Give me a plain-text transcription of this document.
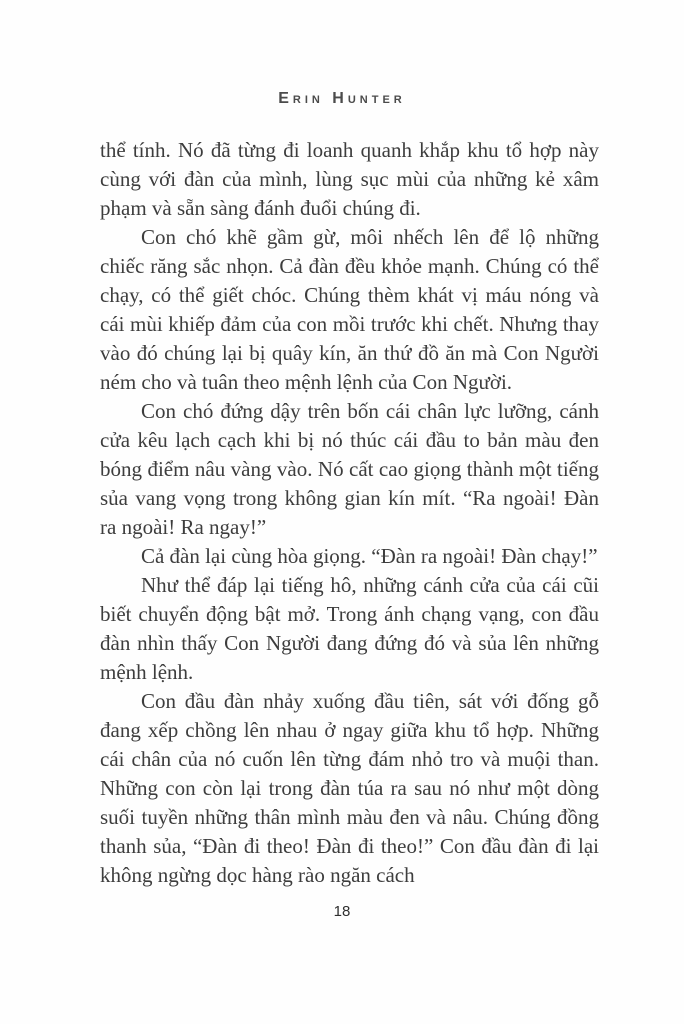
Erin Hunter

thể tính. Nó đã từng đi loanh quanh khắp khu tổ hợp này cùng với đàn của mình, lùng sục mùi của những kẻ xâm phạm và sẵn sàng đánh đuổi chúng đi.

Con chó khẽ gầm gừ, môi nhếch lên để lộ những chiếc răng sắc nhọn. Cả đàn đều khỏe mạnh. Chúng có thể chạy, có thể giết chóc. Chúng thèm khát vị máu nóng và cái mùi khiếp đảm của con mồi trước khi chết. Nhưng thay vào đó chúng lại bị quây kín, ăn thứ đồ ăn mà Con Người ném cho và tuân theo mệnh lệnh của Con Người.

Con chó đứng dậy trên bốn cái chân lực lưỡng, cánh cửa kêu lạch cạch khi bị nó thúc cái đầu to bản màu đen bóng điểm nâu vàng vào. Nó cất cao giọng thành một tiếng sủa vang vọng trong không gian kín mít. “Ra ngoài! Đàn ra ngoài! Ra ngay!”

Cả đàn lại cùng hòa giọng. “Đàn ra ngoài! Đàn chạy!”

Như thể đáp lại tiếng hô, những cánh cửa của cái cũi biết chuyển động bật mở. Trong ánh chạng vạng, con đầu đàn nhìn thấy Con Người đang đứng đó và sủa lên những mệnh lệnh.

Con đầu đàn nhảy xuống đầu tiên, sát với đống gỗ đang xếp chồng lên nhau ở ngay giữa khu tổ hợp. Những cái chân của nó cuốn lên từng đám nhỏ tro và muội than. Những con còn lại trong đàn túa ra sau nó như một dòng suối tuyền những thân mình màu đen và nâu. Chúng đồng thanh sủa, “Đàn đi theo! Đàn đi theo!” Con đầu đàn đi lại không ngừng dọc hàng rào ngăn cách

18
